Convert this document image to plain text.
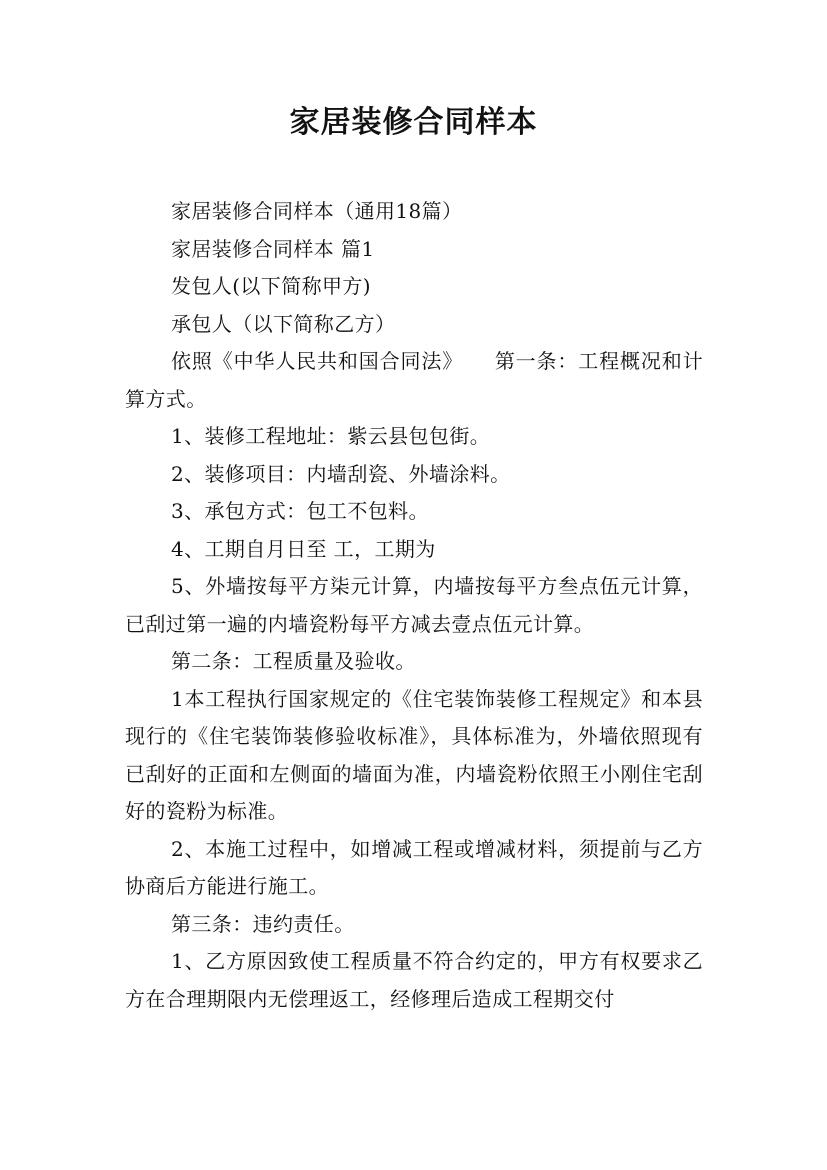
家居装修合同样本

家居装修合同样本（通用18篇）

家居装修合同样本 篇1

发包人(以下简称甲方)

承包人（以下简称乙方）

依照《中华人民共和国合同法》　　第一条：工程概况和计算方式。

1、装修工程地址：紫云县包包街。

2、装修项目：内墙刮瓷、外墙涂料。

3、承包方式：包工不包料。

4、工期自月日至 工，工期为

5、外墙按每平方柒元计算，内墙按每平方叁点伍元计算，已刮过第一遍的内墙瓷粉每平方减去壹点伍元计算。

第二条：工程质量及验收。

1本工程执行国家规定的《住宅装饰装修工程规定》和本县现行的《住宅装饰装修验收标准》，具体标准为，外墙依照现有已刮好的正面和左侧面的墙面为准，内墙瓷粉依照王小刚住宅刮好的瓷粉为标准。

2、本施工过程中，如增减工程或增减材料，须提前与乙方协商后方能进行施工。

第三条：违约责任。

1、乙方原因致使工程质量不符合约定的，甲方有权要求乙方在合理期限内无偿理返工，经修理后造成工程期交付
